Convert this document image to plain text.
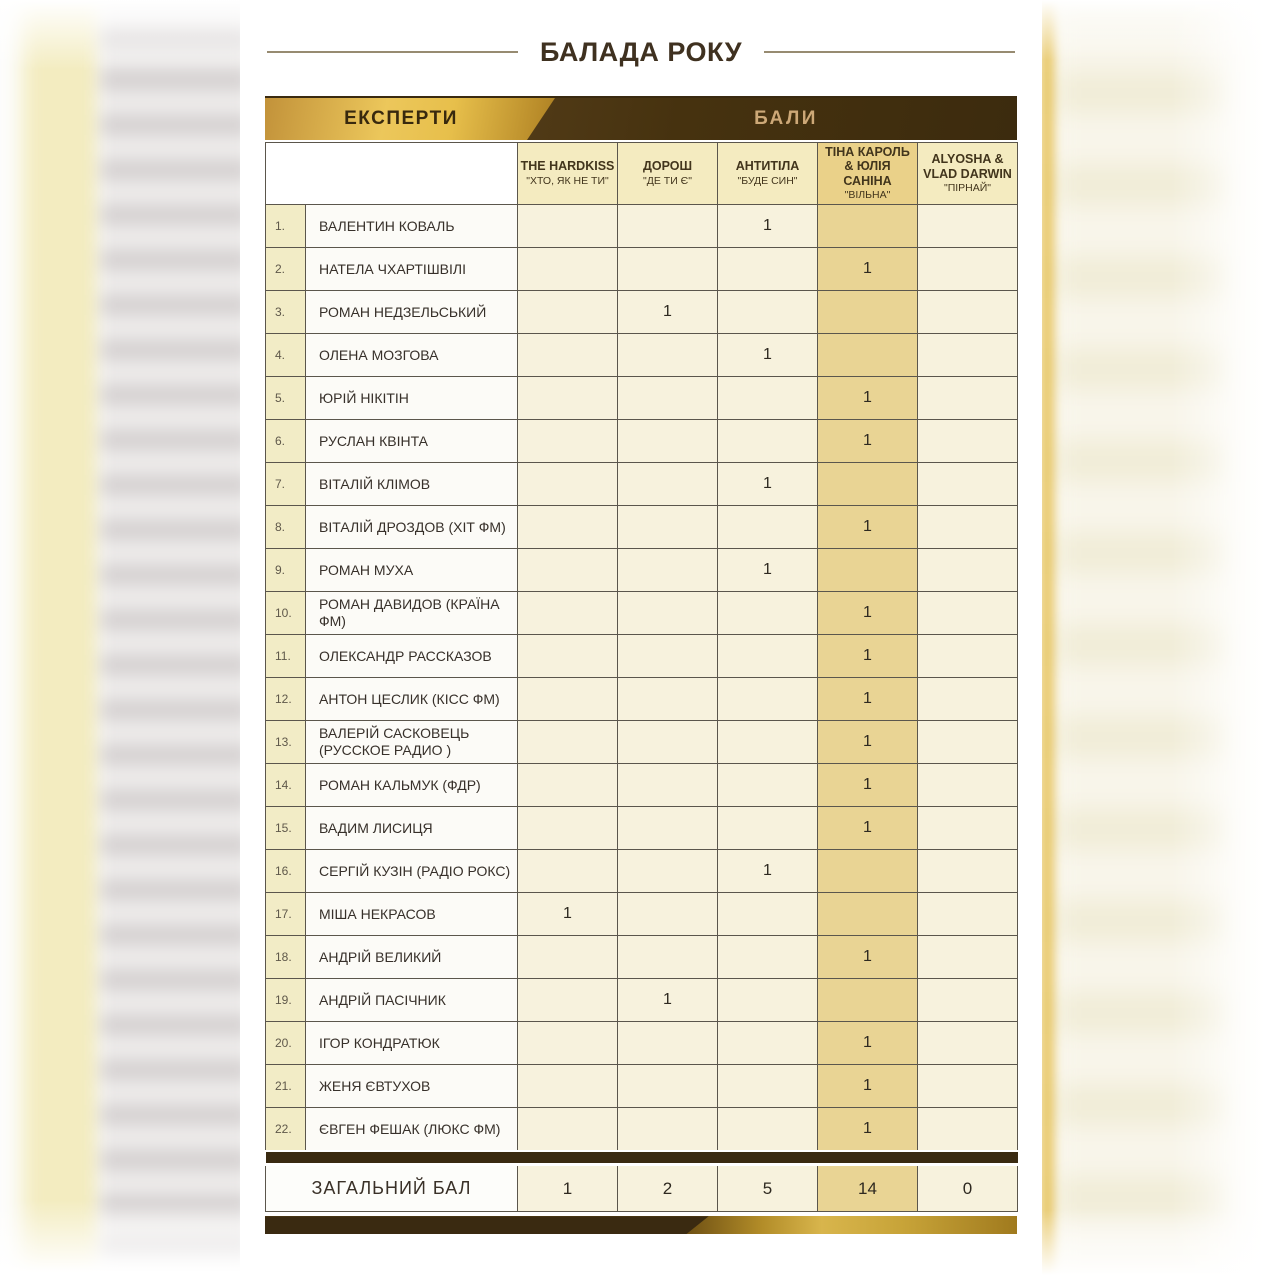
БАЛАДА РОКУ
ЕКСПЕРТИ	БАЛИ

		THE HARDKISS
"ХТО, ЯК НЕ ТИ"	ДОРОШ
"ДЕ ТИ Є"	АНТИТІЛА
"БУДЕ СИН"	ТІНА КАРОЛЬ & ЮЛІЯ САНІНА
"ВІЛЬНА"	ALYOSHA & VLAD DARWIN
"ПІРНАЙ"

1.	ВАЛЕНТИН КОВАЛЬ			1		
2.	НАТЕЛА ЧХАРТІШВІЛІ				1	
3.	РОМАН НЕДЗЕЛЬСЬКИЙ		1			
4.	ОЛЕНА МОЗГОВА			1		
5.	ЮРІЙ НІКІТІН				1	
6.	РУСЛАН КВІНТА				1	
7.	ВІТАЛІЙ КЛІМОВ			1		
8.	ВІТАЛІЙ ДРОЗДОВ (ХІТ ФМ)				1	
9.	РОМАН МУХА			1		
10.	РОМАН ДАВИДОВ (КРАЇНА ФМ)				1	
11.	ОЛЕКСАНДР РАССКАЗОВ				1	
12.	АНТОН ЦЕСЛИК (КІСС ФМ)				1	
13.	ВАЛЕРІЙ САСКОВЕЦЬ (РУССКОЕ РАДИО )				1	
14.	РОМАН КАЛЬМУК (ФДР)				1	
15.	ВАДИМ ЛИСИЦЯ				1	
16.	СЕРГІЙ КУЗІН (РАДІО РОКС)			1		
17.	МІША НЕКРАСОВ	1				
18.	АНДРІЙ ВЕЛИКИЙ				1	
19.	АНДРІЙ ПАСІЧНИК		1			
20.	ІГОР КОНДРАТЮК				1	
21.	ЖЕНЯ ЄВТУХОВ				1	
22.	ЄВГЕН ФЕШАК (ЛЮКС ФМ)				1	

ЗАГАЛЬНИЙ БАЛ		1	2	5	14	0
